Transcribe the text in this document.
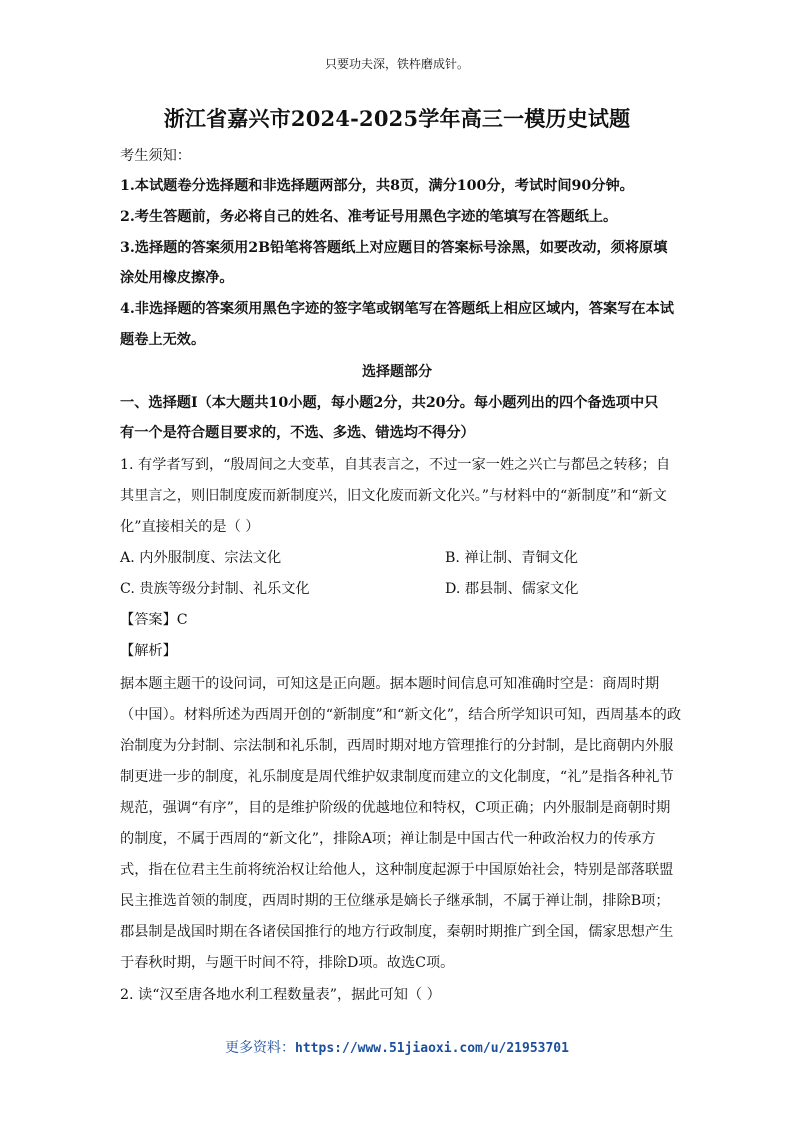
只要功夫深，铁杵磨成针。
浙江省嘉兴市2024-2025学年高三一模历史试题
考生须知：
1.本试题卷分选择题和非选择题两部分，共8页，满分100分，考试时间90分钟。
2.考生答题前，务必将自己的姓名、准考证号用黑色字迹的笔填写在答题纸上。
3.选择题的答案须用2B铅笔将答题纸上对应题目的答案标号涂黑，如要改动，须将原填
涂处用橡皮擦净。
4.非选择题的答案须用黑色字迹的签字笔或钢笔写在答题纸上相应区域内，答案写在本试
题卷上无效。
选择题部分
一、选择题Ⅰ（本大题共10小题，每小题2分，共20分。每小题列出的四个备选项中只
有一个是符合题目要求的，不选、多选、错选均不得分）
1. 有学者写到，“殷周间之大变革，自其表言之，不过一家一姓之兴亡与都邑之转移；自
其里言之，则旧制度废而新制度兴，旧文化废而新文化兴。”与材料中的“新制度”和“新文
化”直接相关的是（ ）
A. 内外服制度、宗法文化	B. 禅让制、青铜文化
C. 贵族等级分封制、礼乐文化	D. 郡县制、儒家文化
【答案】C
【解析】
据本题主题干的设问词，可知这是正向题。据本题时间信息可知准确时空是：商周时期
（中国）。材料所述为西周开创的“新制度”和“新文化”，结合所学知识可知，西周基本的政
治制度为分封制、宗法制和礼乐制，西周时期对地方管理推行的分封制，是比商朝内外服
制更进一步的制度，礼乐制度是周代维护奴隶制度而建立的文化制度，“礼”是指各种礼节
规范，强调“有序”，目的是维护阶级的优越地位和特权，C项正确；内外服制是商朝时期
的制度，不属于西周的“新文化”，排除A项；禅让制是中国古代一种政治权力的传承方
式，指在位君主生前将统治权让给他人，这种制度起源于中国原始社会，特别是部落联盟
民主推选首领的制度，西周时期的王位继承是嫡长子继承制，不属于禅让制，排除B项；
郡县制是战国时期在各诸侯国推行的地方行政制度，秦朝时期推广到全国，儒家思想产生
于春秋时期，与题干时间不符，排除D项。故选C项。
2. 读“汉至唐各地水利工程数量表”，据此可知（ ）
更多资料：https://www.51jiaoxi.com/u/21953701
